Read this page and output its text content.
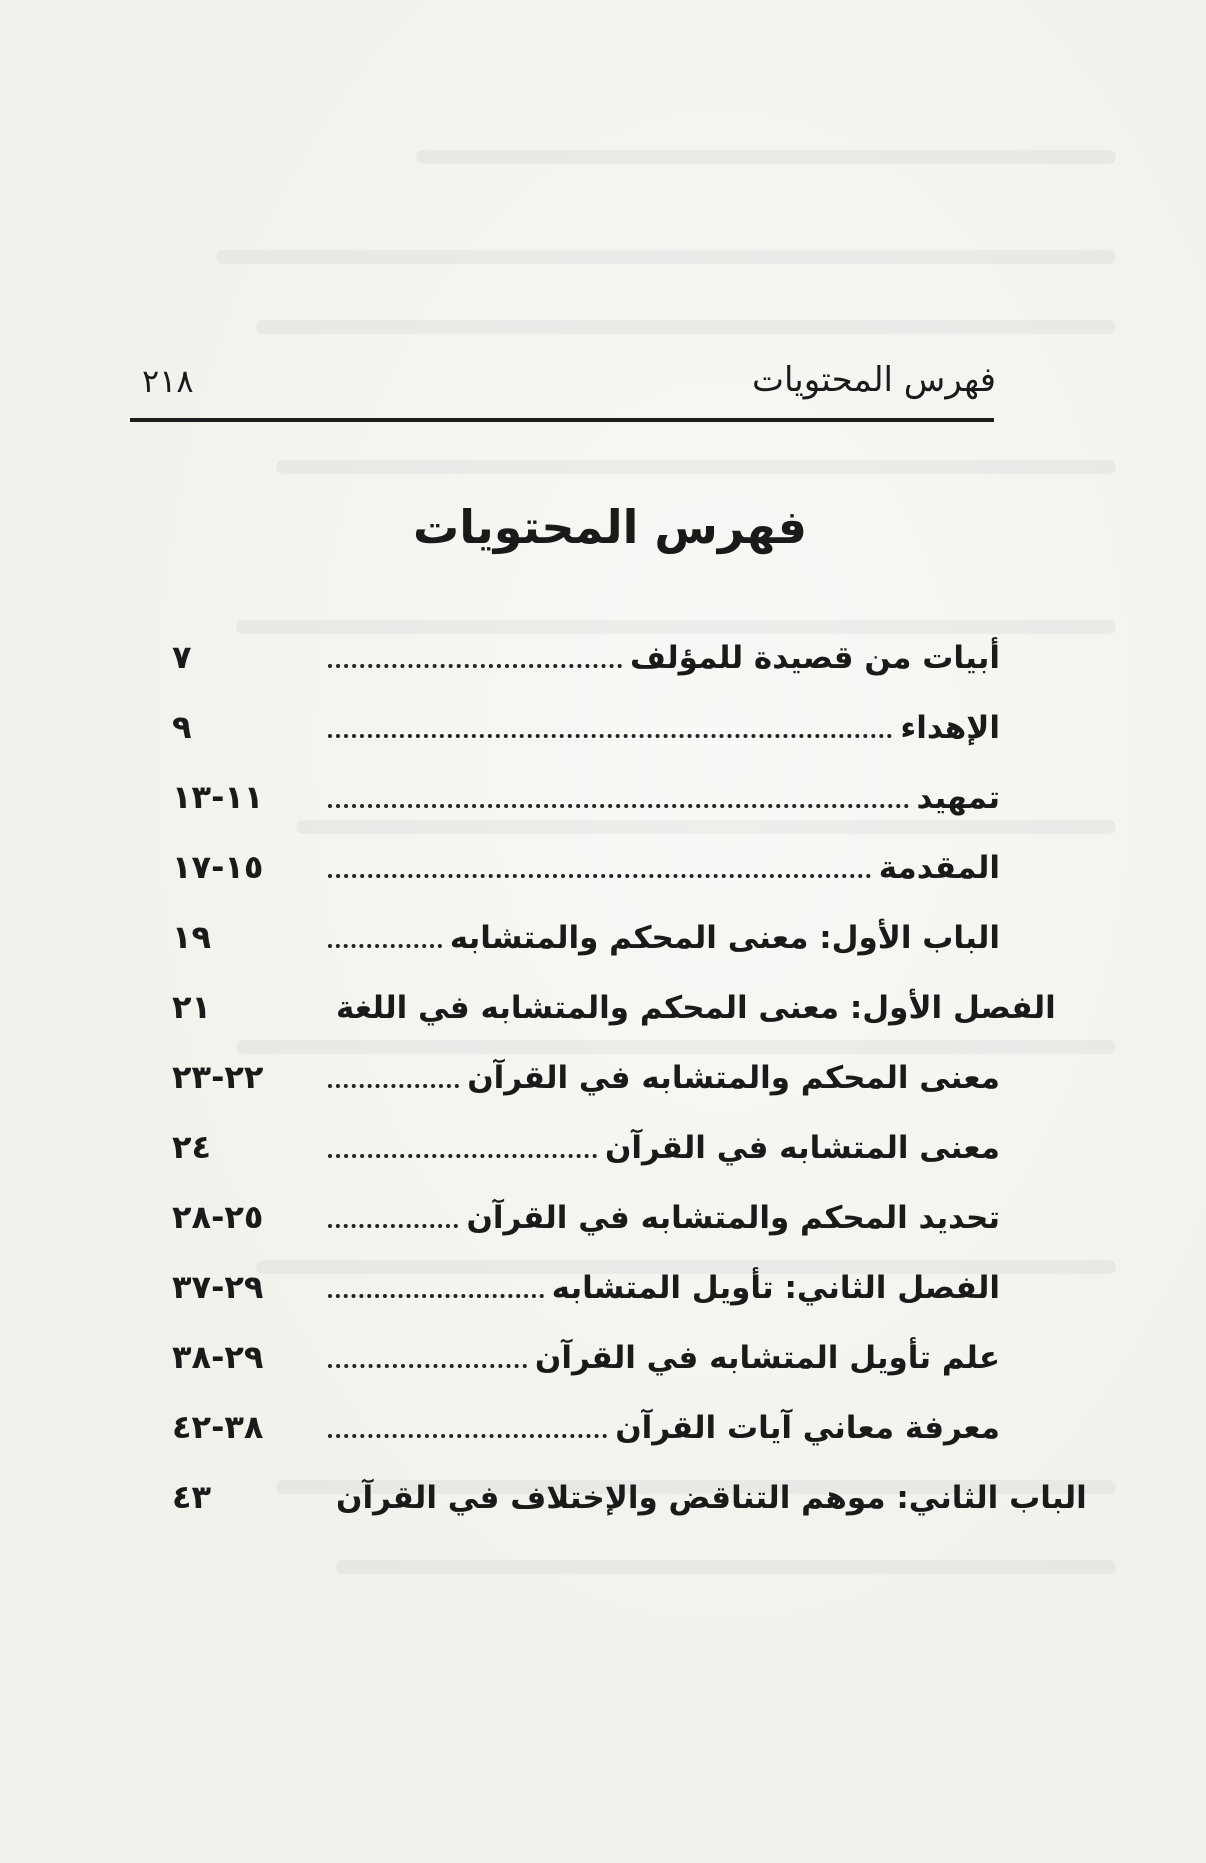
فهرس المحتويات
٢١٨
فهرس المحتويات
٧	أبيات من قصيدة للمؤلف
٩	الإهداء
١١-١٣	تمهيد
١٥-١٧	المقدمة
١٩	الباب الأول: معنى المحكم والمتشابه
٢١	الفصل الأول: معنى المحكم والمتشابه في اللغة
٢٢-٢٣	معنى المحكم والمتشابه في القرآن
٢٤	معنى المتشابه في القرآن
٢٥-٢٨	تحديد المحكم والمتشابه في القرآن
٢٩-٣٧	الفصل الثاني: تأويل المتشابه
٢٩-٣٨	علم تأويل المتشابه في القرآن
٣٨-٤٢	معرفة معاني آيات القرآن
٤٣	الباب الثاني: موهم التناقض والإختلاف في القرآن
